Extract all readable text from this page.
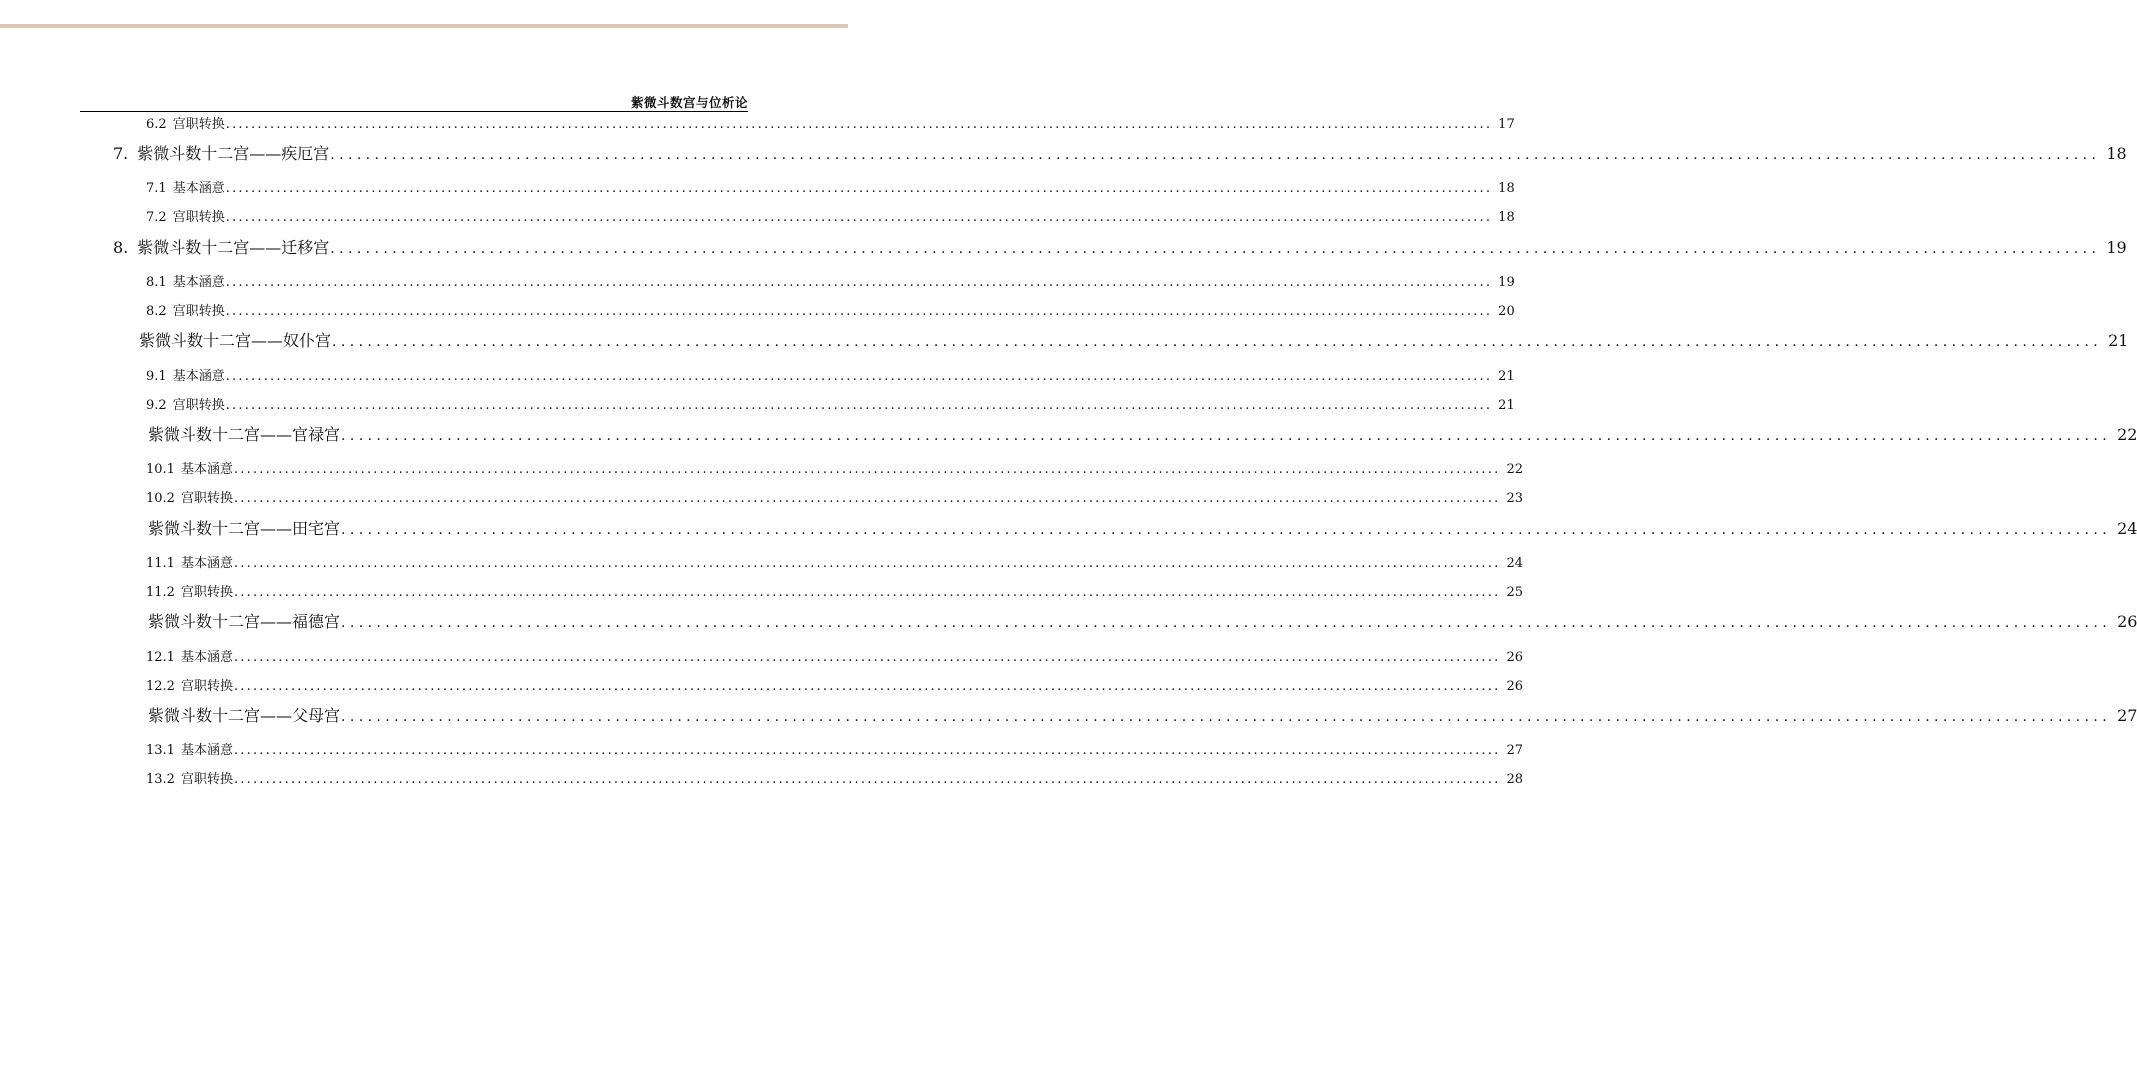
紫微斗数宫与位析论
6.2 宫职转换 ........................................................................................................................................................................................................ 17
7. 紫微斗数十二宫——疾厄宫 ........................................................................................................................................................................................................ 18
7.1 基本涵意 ........................................................................................................................................................................................................ 18
7.2 宫职转换 ........................................................................................................................................................................................................ 18
8. 紫微斗数十二宫——迁移宫 ........................................................................................................................................................................................................ 19
8.1 基本涵意 ........................................................................................................................................................................................................ 19
8.2 宫职转换 ........................................................................................................................................................................................................ 20
紫微斗数十二宫——奴仆宫 ........................................................................................................................................................................................................ 21
9.1 基本涵意 ........................................................................................................................................................................................................ 21
9.2 宫职转换 ........................................................................................................................................................................................................ 21
紫微斗数十二宫——官禄宫 ........................................................................................................................................................................................................ 22
10.1 基本涵意 ........................................................................................................................................................................................................ 22
10.2 宫职转换 ........................................................................................................................................................................................................ 23
紫微斗数十二宫——田宅宫 ........................................................................................................................................................................................................ 24
11.1 基本涵意 ........................................................................................................................................................................................................ 24
11.2 宫职转换 ........................................................................................................................................................................................................ 25
紫微斗数十二宫——福德宫 ........................................................................................................................................................................................................ 26
12.1 基本涵意 ........................................................................................................................................................................................................ 26
12.2 宫职转换 ........................................................................................................................................................................................................ 26
紫微斗数十二宫——父母宫 ........................................................................................................................................................................................................ 27
13.1 基本涵意 ........................................................................................................................................................................................................ 27
13.2 宫职转换 ........................................................................................................................................................................................................ 28
